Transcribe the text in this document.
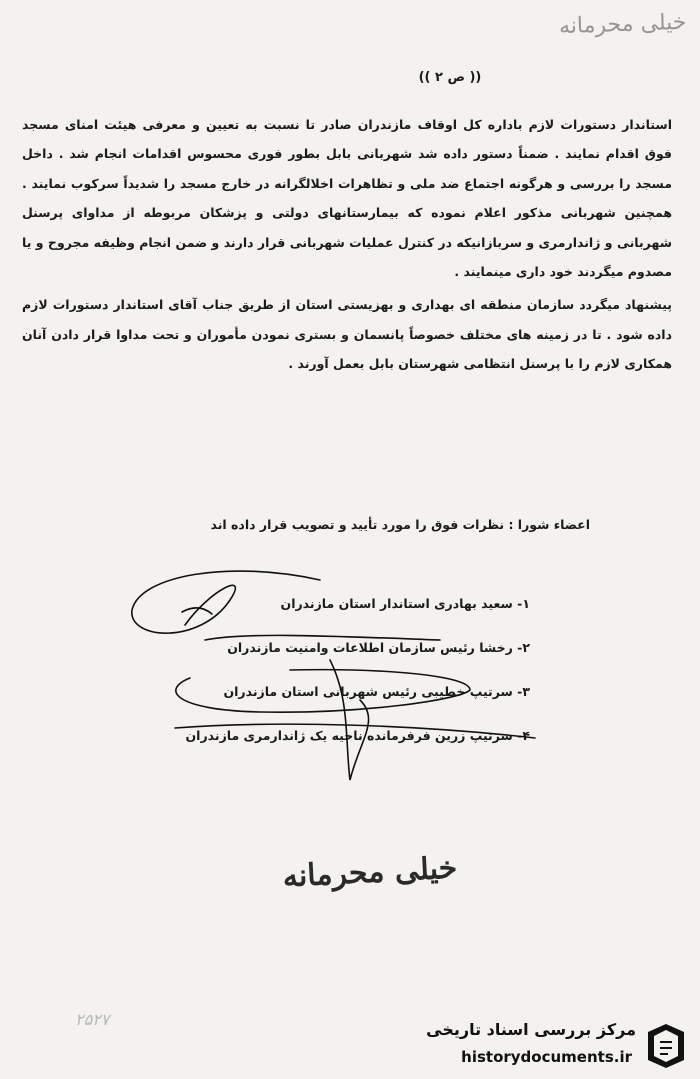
خیلی محرمانه
(( ص ۲ ))

استاندار دستورات لازم باداره کل اوقاف مازندران صادر تا نسبت به تعیین و معرفی هیئت امنای مسجد فوق اقدام نمایند . ضمناً دستور داده شد شهربانی بابل بطور فوری محسوس اقدامات انجام شد . داخل مسجد را بررسی و هرگونه اجتماع ضد ملی و تظاهرات اخلالگرانه در خارج مسجد را شدیداً سرکوب نمایند . همچنین شهربانی مذکور اعلام نموده که بیمارستانهای دولتی و پزشکان مربوطه از مداوای پرسنل شهربانی و ژاندارمری و سربازانیکه در کنترل عملیات شهربانی قرار دارند و ضمن انجام وظیفه مجروح و یا مصدوم میگردند خود داری مینمایند .

پیشنهاد میگردد سازمان منطقه ای بهداری و بهزیستی استان از طریق جناب آقای استاندار دستورات لازم داده شود . تا در زمینه های مختلف خصوصاً پانسمان و بستری نمودن مأموران و تحت مداوا قرار دادن آنان همکاری لازم را با پرسنل انتظامی شهرستان بابل بعمل آورند .

اعضاء شورا : نظرات فوق را مورد تأیید و تصویب قرار داده اند
۱- سعید بهادری استاندار استان مازندران
۲- رخشا رئیس سازمان اطلاعات وامنیت مازندران
۳- سرتیپ خطیبی رئیس شهربانی استان مازندران
۴- سرتیپ زرین فرفرمانده ناحیه یک ژاندارمری مازندران
خیلی محرمانه
۲۵۲۷
مرکز بررسی اسناد تاریخی
historydocuments.ir
